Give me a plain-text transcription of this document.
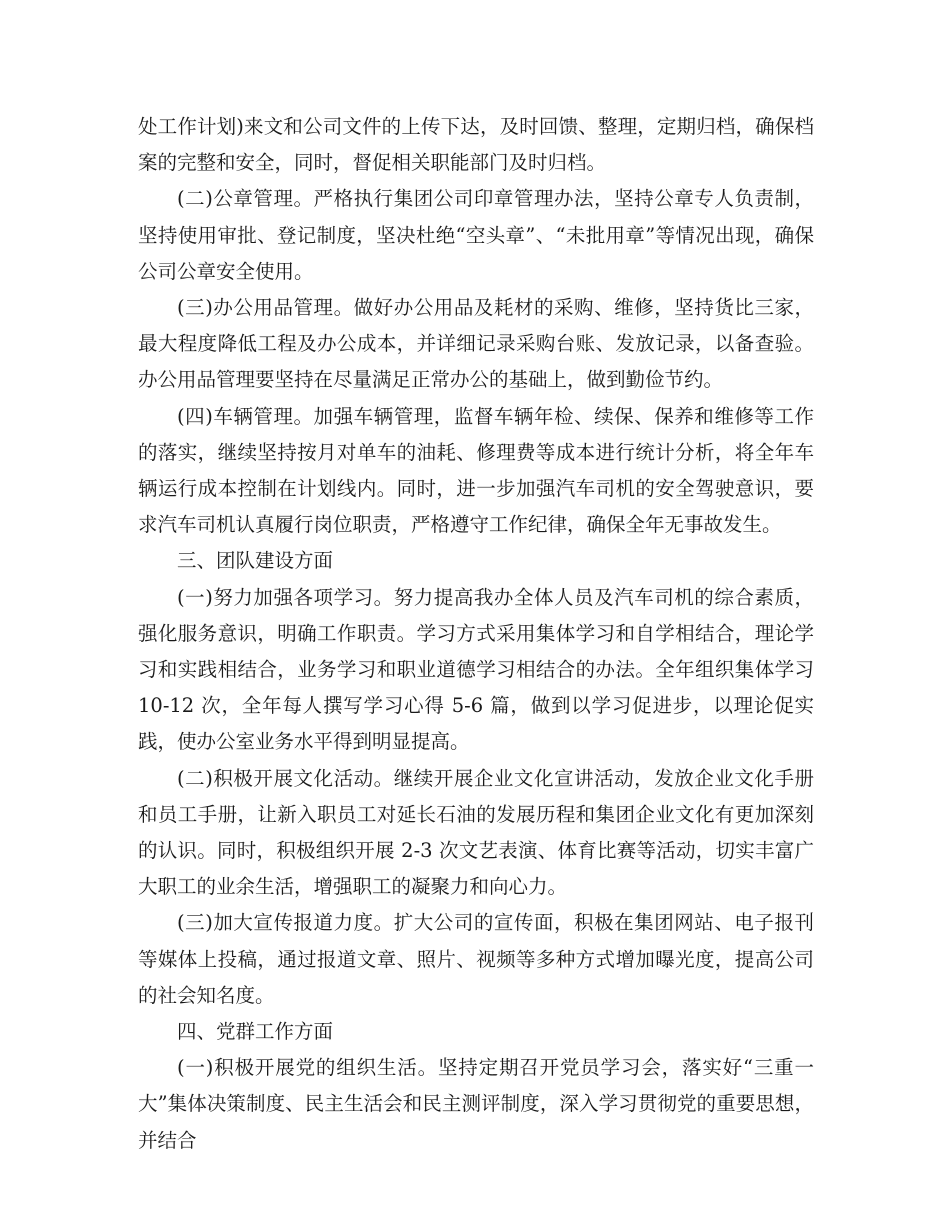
处工作计划)来文和公司文件的上传下达，及时回馈、整理，定期归档，确保档案的完整和安全，同时，督促相关职能部门及时归档。

(二)公章管理。严格执行集团公司印章管理办法，坚持公章专人负责制，坚持使用审批、登记制度，坚决杜绝“空头章”、“未批用章”等情况出现，确保公司公章安全使用。

(三)办公用品管理。做好办公用品及耗材的采购、维修，坚持货比三家，最大程度降低工程及办公成本，并详细记录采购台账、发放记录，以备查验。办公用品管理要坚持在尽量满足正常办公的基础上，做到勤俭节约。

(四)车辆管理。加强车辆管理，监督车辆年检、续保、保养和维修等工作的落实，继续坚持按月对单车的油耗、修理费等成本进行统计分析，将全年车辆运行成本控制在计划线内。同时，进一步加强汽车司机的安全驾驶意识，要求汽车司机认真履行岗位职责，严格遵守工作纪律，确保全年无事故发生。

三、团队建设方面

(一)努力加强各项学习。努力提高我办全体人员及汽车司机的综合素质，强化服务意识，明确工作职责。学习方式采用集体学习和自学相结合，理论学习和实践相结合，业务学习和职业道德学习相结合的办法。全年组织集体学习 10-12 次，全年每人撰写学习心得 5-6 篇，做到以学习促进步，以理论促实践，使办公室业务水平得到明显提高。

(二)积极开展文化活动。继续开展企业文化宣讲活动，发放企业文化手册和员工手册，让新入职员工对延长石油的发展历程和集团企业文化有更加深刻的认识。同时，积极组织开展 2-3 次文艺表演、体育比赛等活动，切实丰富广大职工的业余生活，增强职工的凝聚力和向心力。

(三)加大宣传报道力度。扩大公司的宣传面，积极在集团网站、电子报刊等媒体上投稿，通过报道文章、照片、视频等多种方式增加曝光度，提高公司的社会知名度。

四、党群工作方面

(一)积极开展党的组织生活。坚持定期召开党员学习会，落实好“三重一大”集体决策制度、民主生活会和民主测评制度，深入学习贯彻党的重要思想，并结合
